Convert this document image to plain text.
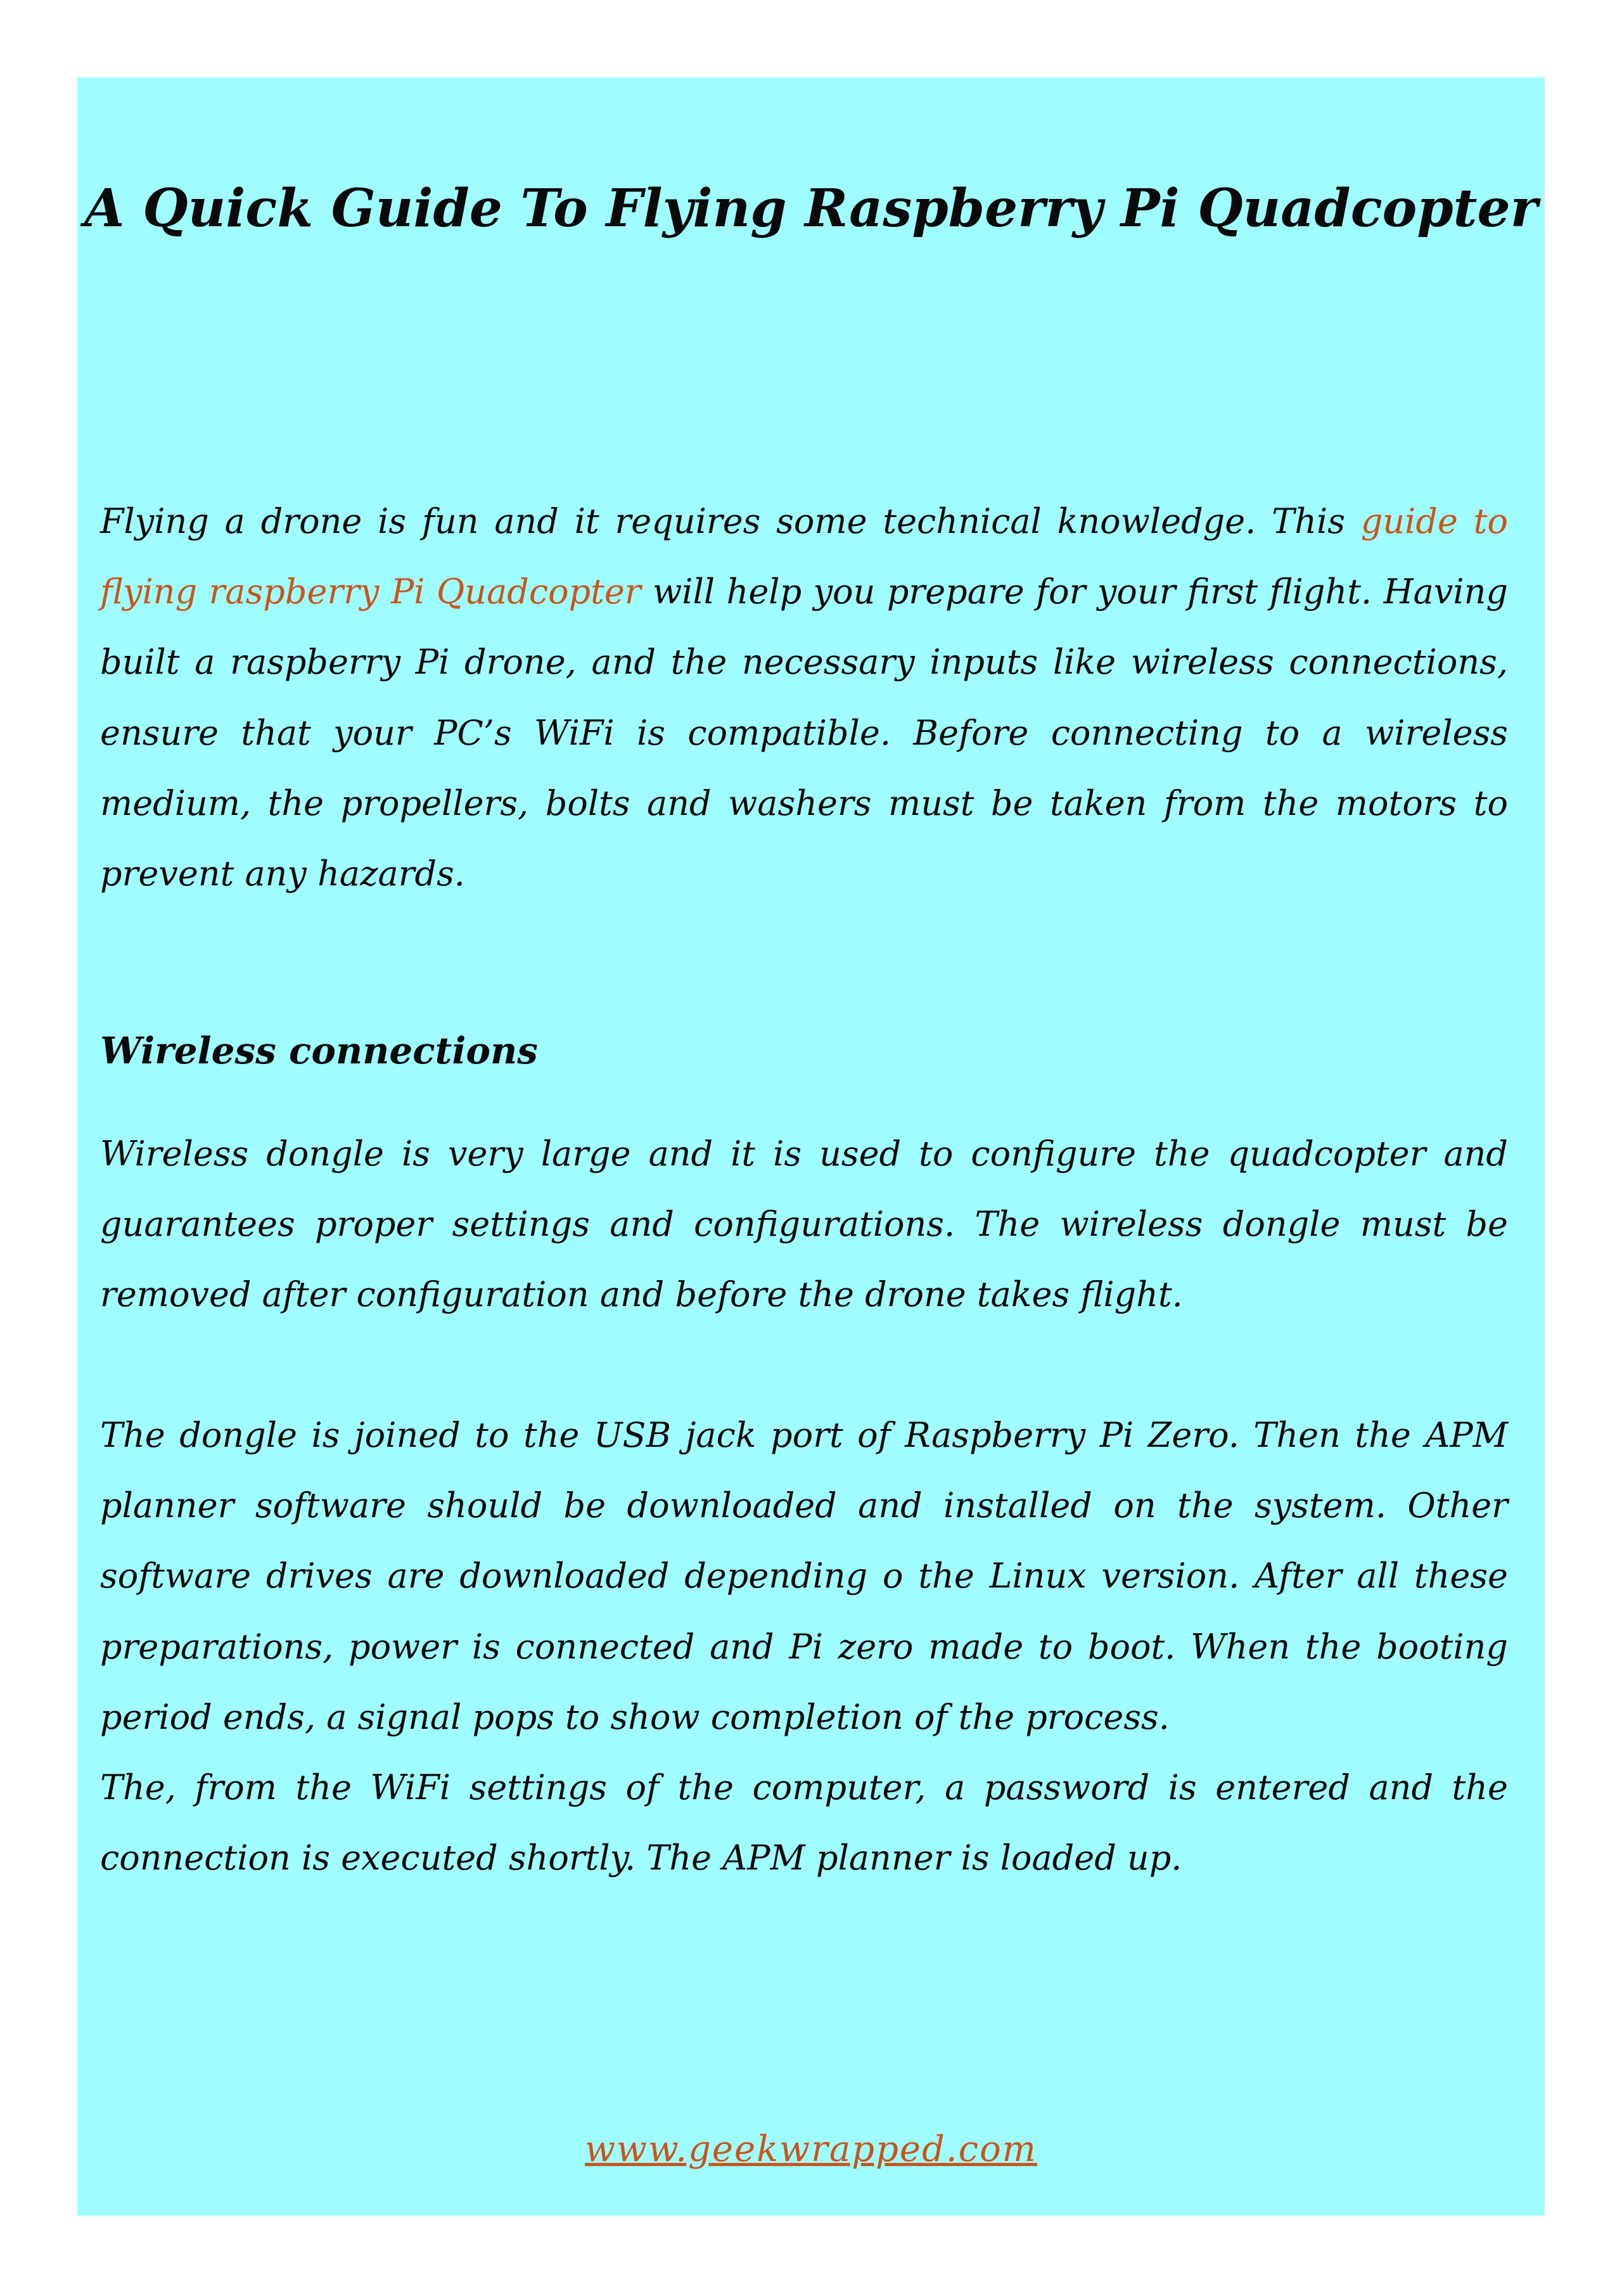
A Quick Guide To Flying Raspberry Pi Quadcopter

Flying a drone is fun and it requires some technical knowledge. This guide to flying raspberry Pi Quadcopter will help you prepare for your first flight. Having built a raspberry Pi drone, and the necessary inputs like wireless connections, ensure that your PC’s WiFi is compatible. Before connecting to a wireless medium, the propellers, bolts and washers must be taken from the motors to prevent any hazards.

Wireless connections

Wireless dongle is very large and it is used to configure the quadcopter and guarantees proper settings and configurations. The wireless dongle must be removed after configuration and before the drone takes flight.

The dongle is joined to the USB jack port of Raspberry Pi Zero. Then the APM planner software should be downloaded and installed on the system. Other software drives are downloaded depending o the Linux version. After all these preparations, power is connected and Pi zero made to boot. When the booting period ends, a signal pops to show completion of the process.

The, from the WiFi settings of the computer, a password is entered and the connection is executed shortly. The APM planner is loaded up.

www.geekwrapped.com
